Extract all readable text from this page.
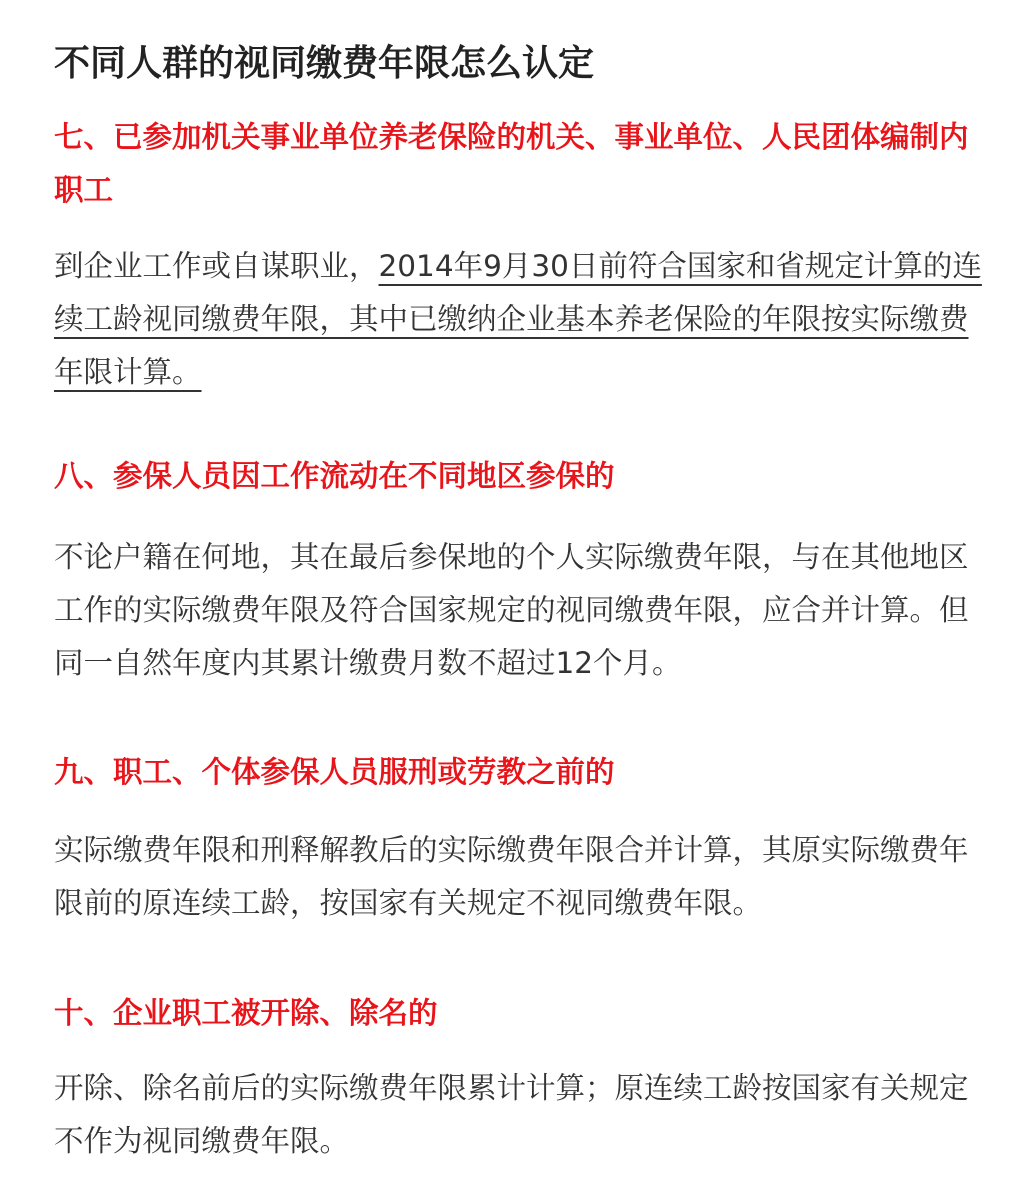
不同人群的视同缴费年限怎么认定
七、已参加机关事业单位养老保险的机关、事业单位、人民团体编制内职工

到企业工作或自谋职业，2014年9月30日前符合国家和省规定计算的连续工龄视同缴费年限，其中已缴纳企业基本养老保险的年限按实际缴费年限计算。

八、参保人员因工作流动在不同地区参保的

不论户籍在何地，其在最后参保地的个人实际缴费年限，与在其他地区工作的实际缴费年限及符合国家规定的视同缴费年限，应合并计算。但同一自然年度内其累计缴费月数不超过12个月。

九、职工、个体参保人员服刑或劳教之前的

实际缴费年限和刑释解教后的实际缴费年限合并计算，其原实际缴费年限前的原连续工龄，按国家有关规定不视同缴费年限。

十、企业职工被开除、除名的

开除、除名前后的实际缴费年限累计计算；原连续工龄按国家有关规定不作为视同缴费年限。
